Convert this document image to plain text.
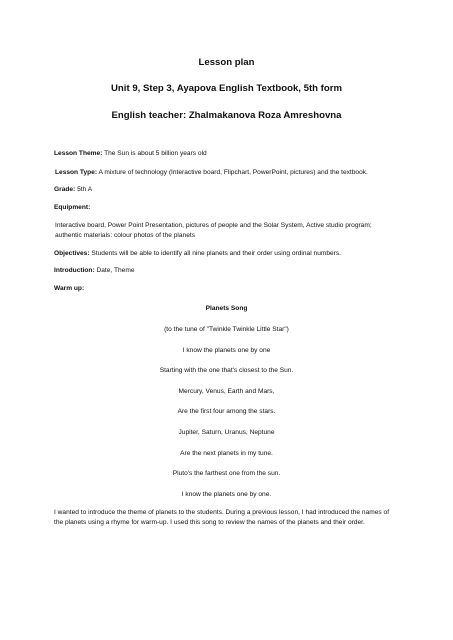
Lesson plan

Unit 9, Step 3, Ayapova English Textbook, 5th form

English teacher: Zhalmakanova Roza Amreshovna

Lesson Theme: The Sun is about 5 billion years old

Lesson Type: A mixture of technology (Interactive board, Flipchart, PowerPoint, pictures) and the textbook.

Grade: 5th A

Equipment:

Interactive board, Power Point Presentation, pictures of people and the Solar System, Active studio program; authentic materials: colour photos of the planets

Objectives: Students will be able to identify all nine planets and their order using ordinal numbers.

Introduction: Date, Theme

Warm up:

Planets Song

(to the tune of "Twinkle Twinkle Little Star")

I know the planets one by one

Starting with the one that's closest to the Sun.

Mercury, Venus, Earth and Mars,

Are the first four among the stars.

Jupiter, Saturn, Uranus, Neptune

Are the next planets in my tune.

Pluto's the farthest one from the sun.

I know the planets one by one.

I wanted to introduce the theme of planets to the students. During a previous lesson, I had introduced the names of the planets using a rhyme for warm-up. I used this song to review the names of the planets and their order.
